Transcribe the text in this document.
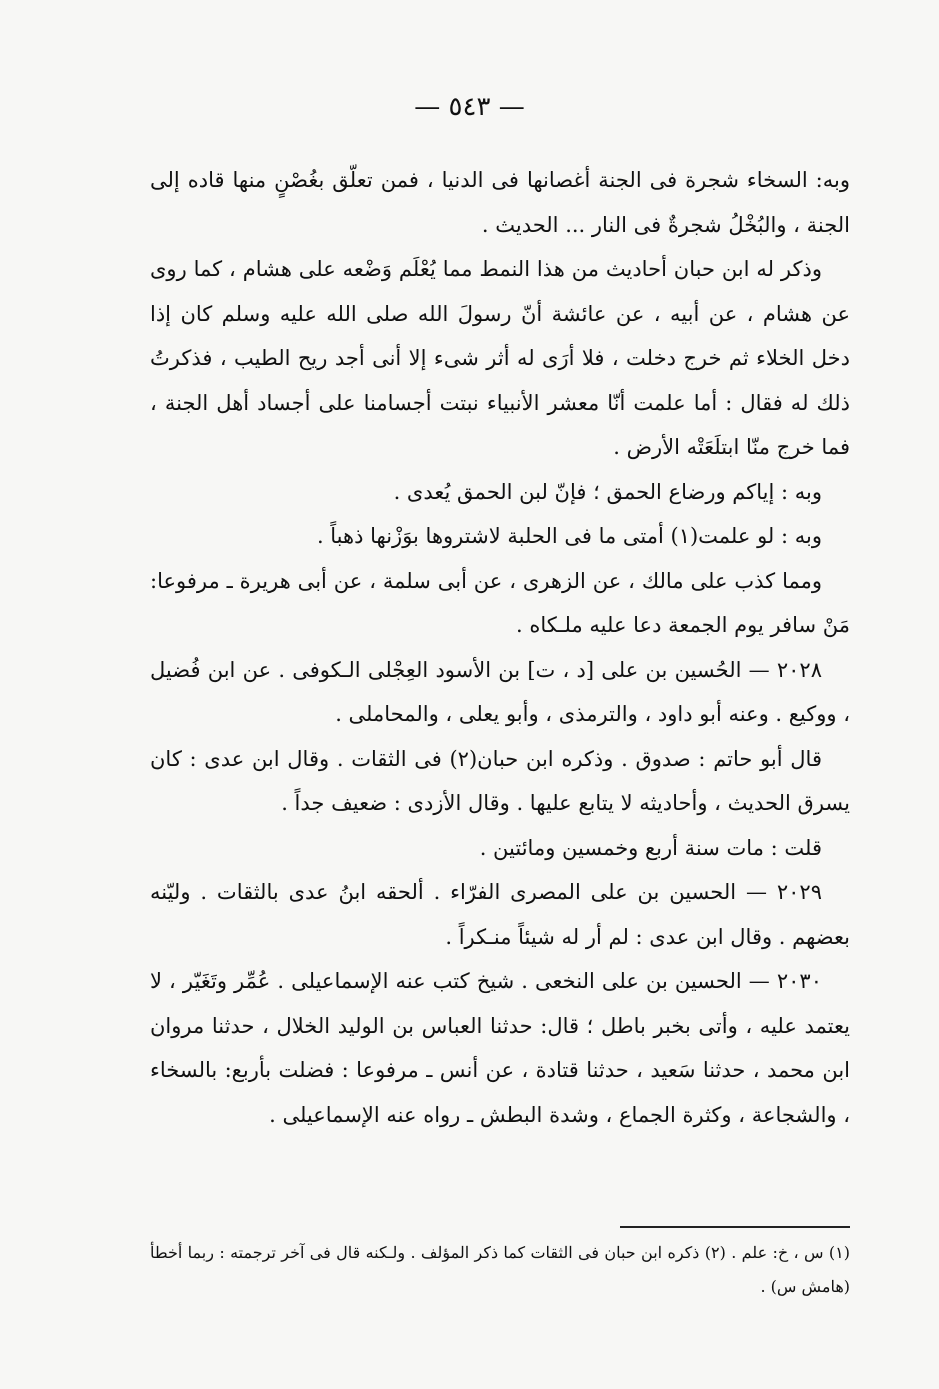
— ٥٤٣ —

وبه: السخاء شجرة فى الجنة أغصانها فى الدنيا ، فمن تعلّق بغُصْنٍ منها قاده إلى الجنة ، والبُخْلُ شجرةٌ فى النار ... الحديث .

وذكر له ابن حبان أحاديث من هذا النمط مما يُعْلَم وَضْعه على هشام ، كما روى عن هشام ، عن أبيه ، عن عائشة أنّ رسولَ الله صلى الله عليه وسلم كان إذا دخل الخلاء ثم خرج دخلت ، فلا أرَى له أثر شىء إلا أنى أجد ريح الطيب ، فذكرتُ ذلك له فقال : أما علمت أنّا معشر الأنبياء نبتت أجسامنا على أجساد أهل الجنة ، فما خرج منّا ابتلَعَتْه الأرض .

وبه : إياكم ورضاع الحمق ؛ فإنّ لبن الحمق يُعدى .

وبه : لو علمت(١) أمتى ما فى الحلبة لاشتروها بوَزْنها ذهباً .

ومما كذب على مالك ، عن الزهرى ، عن أبى سلمة ، عن أبى هريرة ـ مرفوعا: مَنْ سافر يوم الجمعة دعا عليه ملـكاه .

٢٠٢٨ — الحُسين بن على [د ، ت] بن الأسود العِجْلى الـكوفى . عن ابن فُضيل ، ووكيع . وعنه أبو داود ، والترمذى ، وأبو يعلى ، والمحاملى .

قال أبو حاتم : صدوق . وذكره ابن حبان(٢) فى الثقات . وقال ابن عدى : كان يسرق الحديث ، وأحاديثه لا يتابع عليها . وقال الأزدى : ضعيف جداً .

قلت : مات سنة أربع وخمسين ومائتين .

٢٠٢٩ — الحسين بن على المصرى الفرّاء . ألحقه ابنُ عدى بالثقات . وليّنه بعضهم . وقال ابن عدى : لم أر له شيئاً منـكراً .

٢٠٣٠ — الحسين بن على النخعى . شيخ كتب عنه الإسماعيلى . عُمِّر وتَغَيّر ، لا يعتمد عليه ، وأتى بخبر باطل ؛ قال: حدثنا العباس بن الوليد الخلال ، حدثنا مروان ابن محمد ، حدثنا سَعيد ، حدثنا قتادة ، عن أنس ـ مرفوعا : فضلت بأربع: بالسخاء ، والشجاعة ، وكثرة الجماع ، وشدة البطش ـ رواه عنه الإسماعيلى .

(١) س ، خ: علم . (٢) ذكره ابن حبان فى الثقات كما ذكر المؤلف . ولـكنه قال فى آخر ترجمته : ربما أخطأ (هامش س) .
